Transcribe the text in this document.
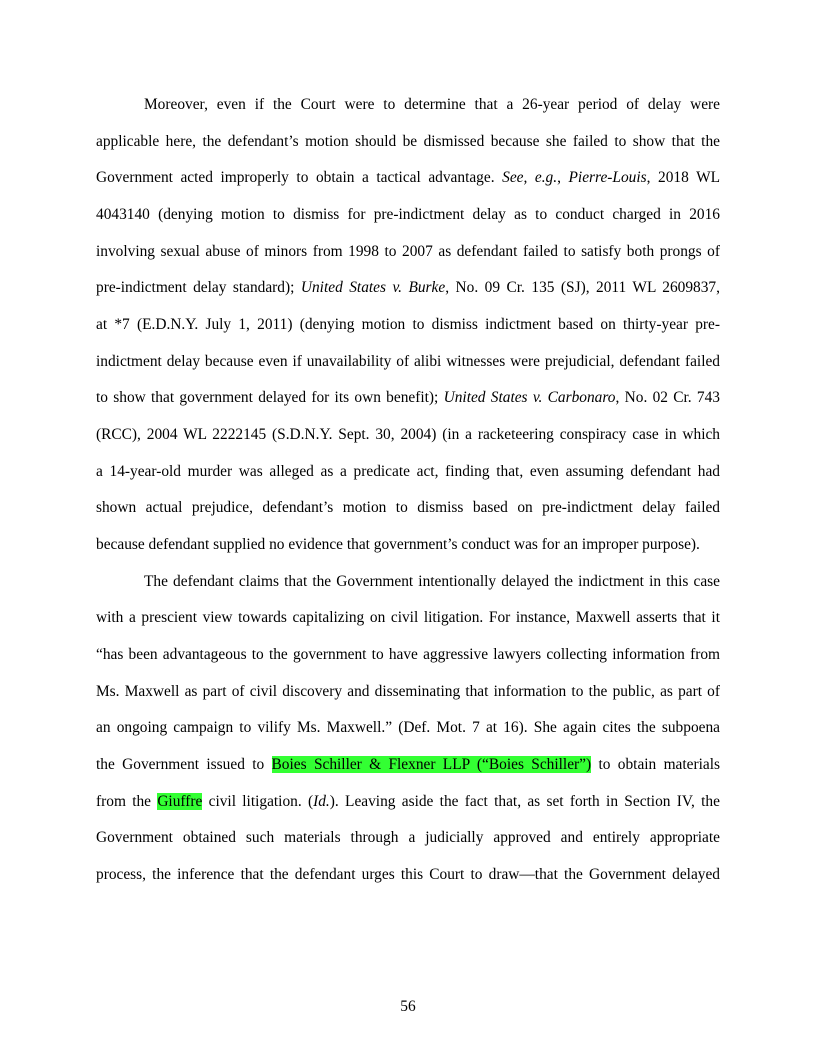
Moreover, even if the Court were to determine that a 26-year period of delay were
applicable here, the defendant’s motion should be dismissed because she failed to show that the
Government acted improperly to obtain a tactical advantage. See, e.g., Pierre-Louis, 2018 WL
4043140 (denying motion to dismiss for pre-indictment delay as to conduct charged in 2016
involving sexual abuse of minors from 1998 to 2007 as defendant failed to satisfy both prongs of
pre-indictment delay standard); United States v. Burke, No. 09 Cr. 135 (SJ), 2011 WL 2609837,
at *7 (E.D.N.Y. July 1, 2011) (denying motion to dismiss indictment based on thirty-year pre-
indictment delay because even if unavailability of alibi witnesses were prejudicial, defendant failed
to show that government delayed for its own benefit); United States v. Carbonaro, No. 02 Cr. 743
(RCC), 2004 WL 2222145 (S.D.N.Y. Sept. 30, 2004) (in a racketeering conspiracy case in which
a 14-year-old murder was alleged as a predicate act, finding that, even assuming defendant had
shown actual prejudice, defendant’s motion to dismiss based on pre-indictment delay failed
because defendant supplied no evidence that government’s conduct was for an improper purpose).
The defendant claims that the Government intentionally delayed the indictment in this case
with a prescient view towards capitalizing on civil litigation. For instance, Maxwell asserts that it
“has been advantageous to the government to have aggressive lawyers collecting information from
Ms. Maxwell as part of civil discovery and disseminating that information to the public, as part of
an ongoing campaign to vilify Ms. Maxwell.” (Def. Mot. 7 at 16). She again cites the subpoena
the Government issued to Boies Schiller & Flexner LLP (“Boies Schiller”) to obtain materials
from the Giuffre civil litigation. (Id.). Leaving aside the fact that, as set forth in Section IV, the
Government obtained such materials through a judicially approved and entirely appropriate
process, the inference that the defendant urges this Court to draw—that the Government delayed
56
